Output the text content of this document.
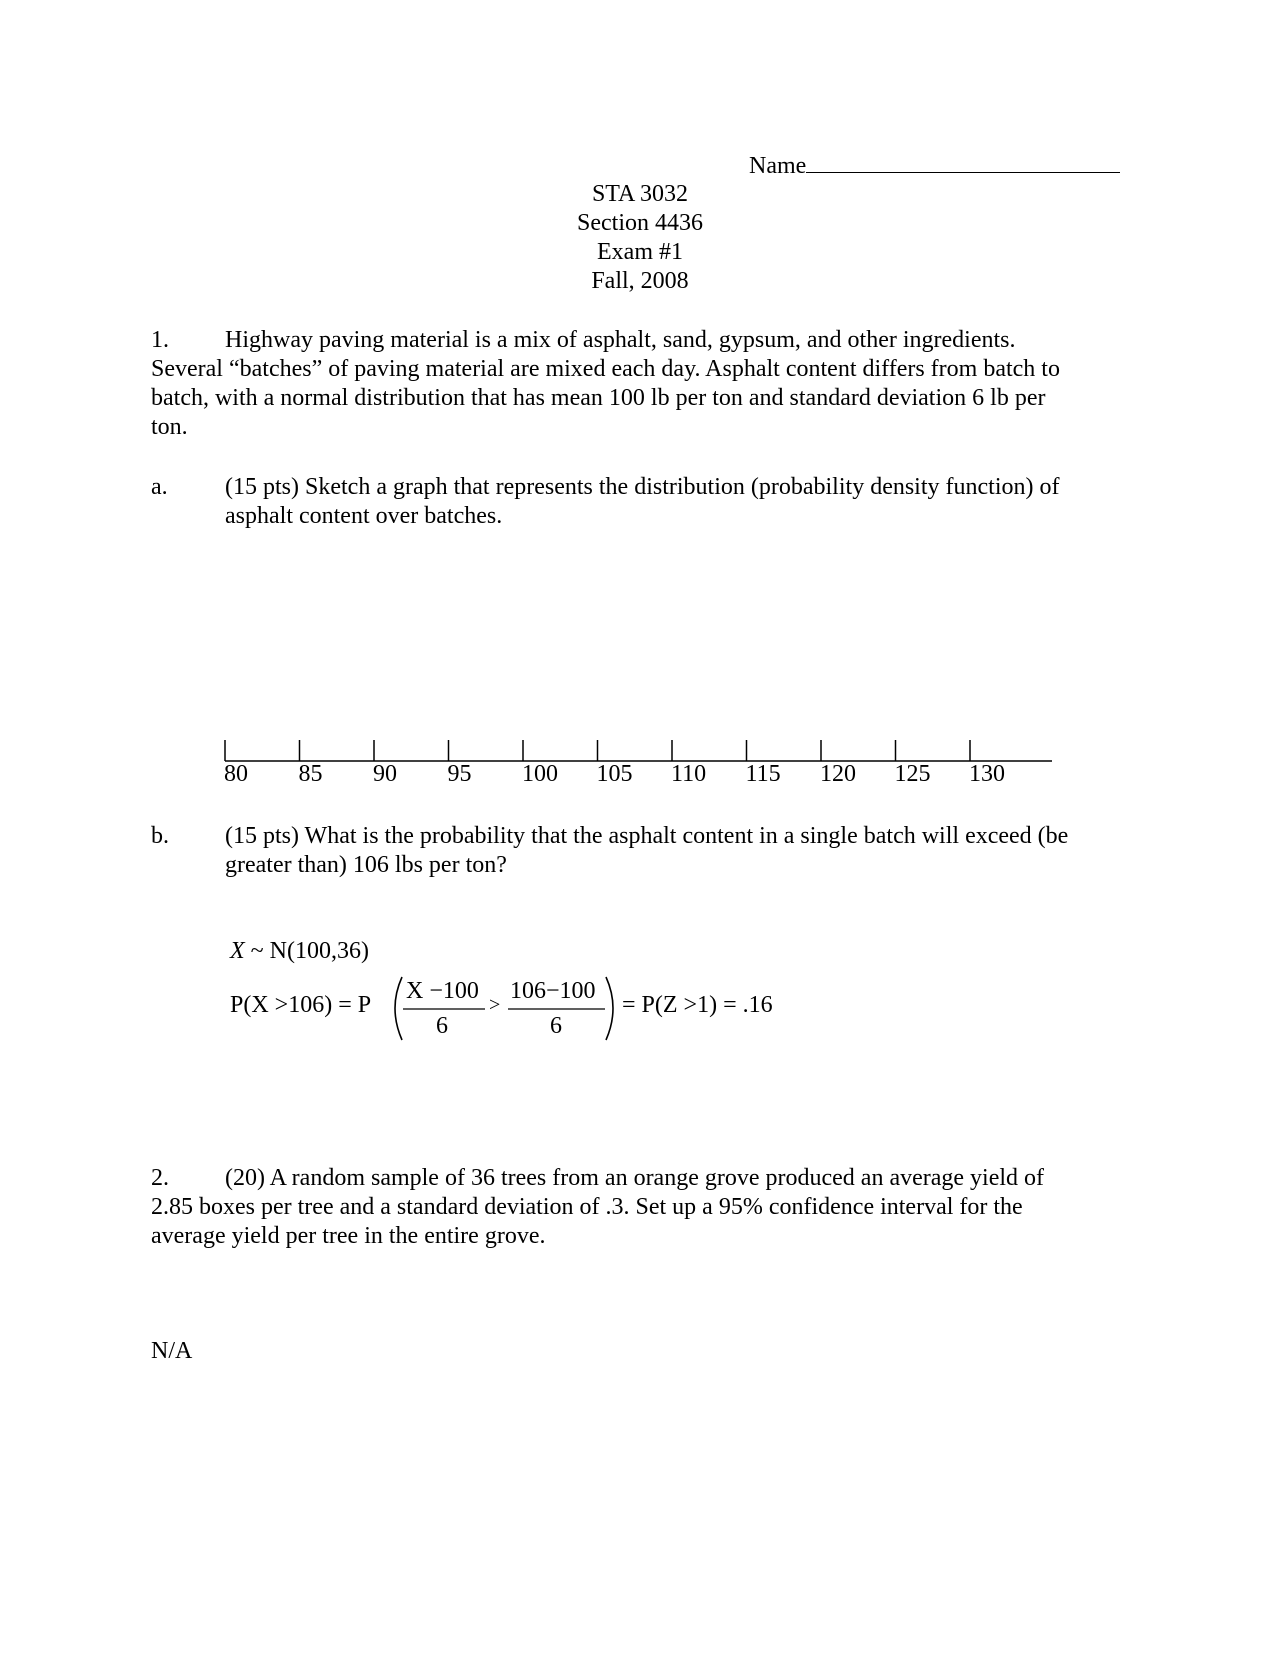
Name
STA 3032
Section 4436
Exam #1
Fall, 2008
1. Highway paving material is a mix of asphalt, sand, gypsum, and other ingredients.
Several “batches” of paving material are mixed each day. Asphalt content differs from batch to
batch, with a normal distribution that has mean 100 lb per ton and standard deviation 6 lb per
ton.
a. (15 pts) Sketch a graph that represents the distribution (probability density function) of
asphalt content over batches.
80 85 90 95 100 105 110 115 120 125 130
b. (15 pts) What is the probability that the asphalt content in a single batch will exceed (be
greater than) 106 lbs per ton?
X ~ N(100,36)
P(X >106) = P
X −100
6
>
106−100
6
= P(Z >1) = .16
2. (20) A random sample of 36 trees from an orange grove produced an average yield of
2.85 boxes per tree and a standard deviation of .3. Set up a 95% confidence interval for the
average yield per tree in the entire grove.
N/A
